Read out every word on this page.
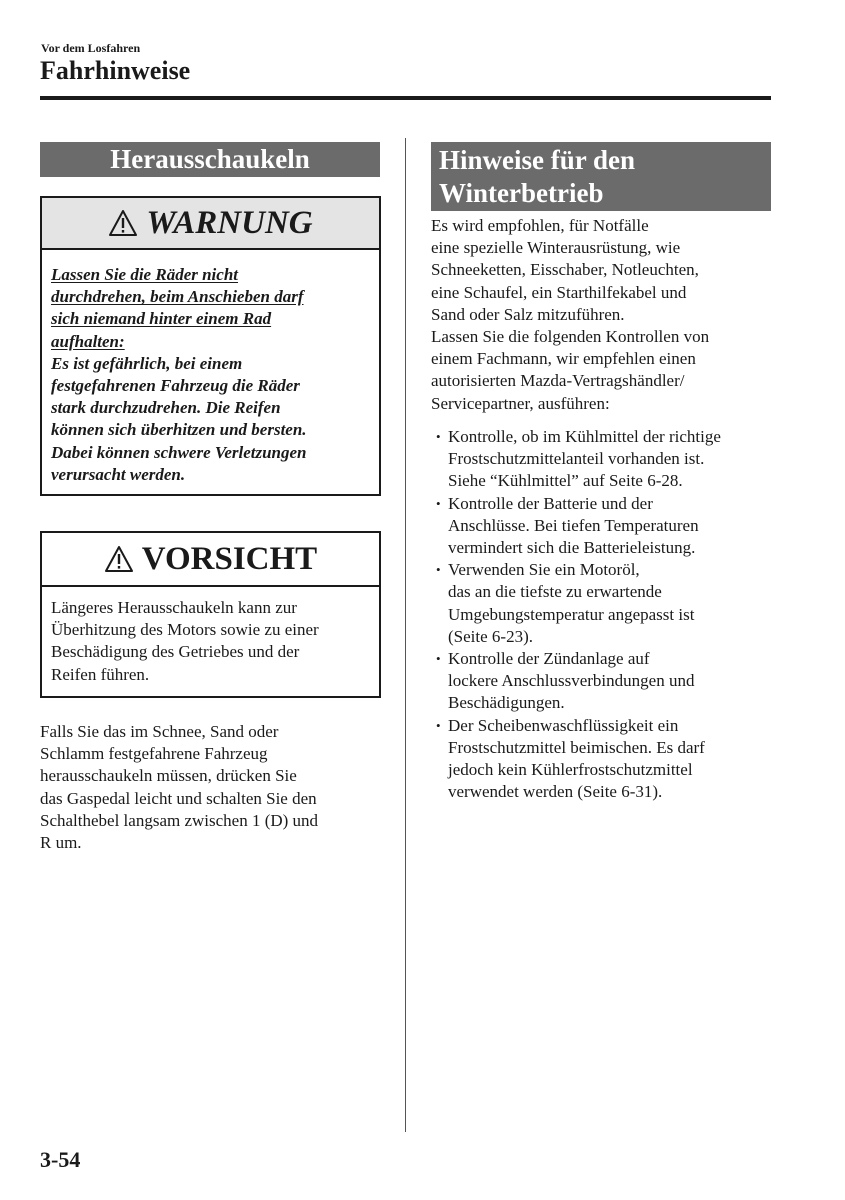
Vor dem Losfahren
Fahrhinweise
Herausschaukeln
WARNUNG
Lassen Sie die Räder nicht
durchdrehen, beim Anschieben darf
sich niemand hinter einem Rad
aufhalten:
Es ist gefährlich, bei einem
festgefahrenen Fahrzeug die Räder
stark durchzudrehen. Die Reifen
können sich überhitzen und bersten.
Dabei können schwere Verletzungen
verursacht werden.
VORSICHT
Längeres Herausschaukeln kann zur
Überhitzung des Motors sowie zu einer
Beschädigung des Getriebes und der
Reifen führen.
Falls Sie das im Schnee, Sand oder
Schlamm festgefahrene Fahrzeug
herausschaukeln müssen, drücken Sie
das Gaspedal leicht und schalten Sie den
Schalthebel langsam zwischen 1 (D) und
R um.
Hinweise für den
Winterbetrieb
Es wird empfohlen, für Notfälle
eine spezielle Winterausrüstung, wie
Schneeketten, Eisschaber, Notleuchten,
eine Schaufel, ein Starthilfekabel und
Sand oder Salz mitzuführen.
Lassen Sie die folgenden Kontrollen von
einem Fachmann, wir empfehlen einen
autorisierten Mazda-Vertragshändler/
Servicepartner, ausführen:
• Kontrolle, ob im Kühlmittel der richtige
Frostschutzmittelanteil vorhanden ist.
Siehe “Kühlmittel” auf Seite 6-28.
• Kontrolle der Batterie und der
Anschlüsse. Bei tiefen Temperaturen
vermindert sich die Batterieleistung.
• Verwenden Sie ein Motoröl,
das an die tiefste zu erwartende
Umgebungstemperatur angepasst ist
(Seite 6-23).
• Kontrolle der Zündanlage auf
lockere Anschlussverbindungen und
Beschädigungen.
• Der Scheibenwaschflüssigkeit ein
Frostschutzmittel beimischen. Es darf
jedoch kein Kühlerfrostschutzmittel
verwendet werden (Seite 6-31).
3-54
